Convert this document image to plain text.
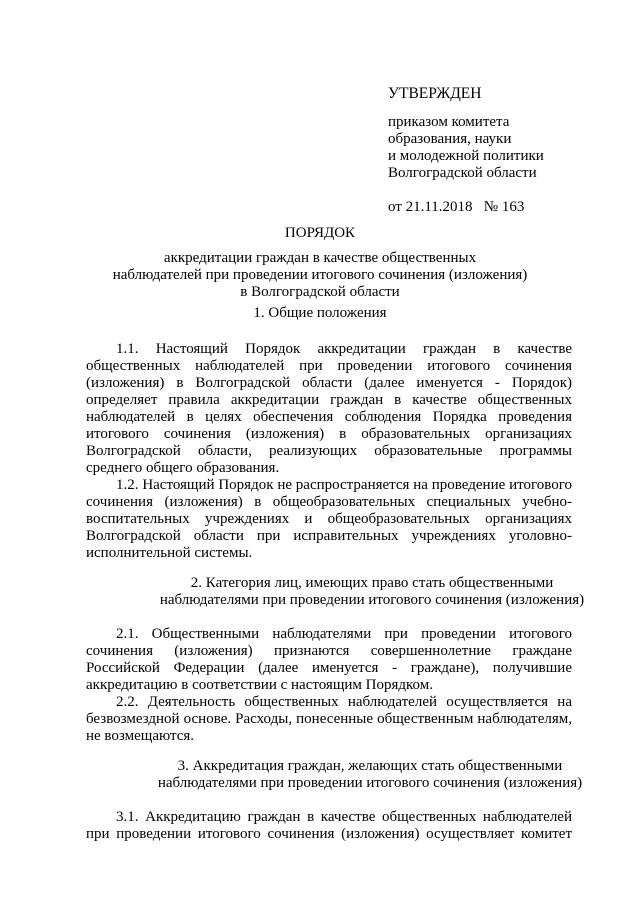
УТВЕРЖДЕН
приказом комитета
образования, науки
и молодежной политики
Волгоградской области
от 21.11.2018   № 163
ПОРЯДОК
аккредитации граждан в качестве общественных
наблюдателей при проведении итогового сочинения (изложения)
в Волгоградской области
1. Общие положения
1.1. Настоящий Порядок аккредитации граждан в качестве общественных наблюдателей при проведении итогового сочинения (изложения) в Волгоградской области (далее именуется - Порядок) определяет правила аккредитации граждан в качестве общественных наблюдателей в целях обеспечения соблюдения Порядка проведения итогового сочинения (изложения) в образовательных организациях Волгоградской области, реализующих образовательные программы среднего общего образования.
1.2. Настоящий Порядок не распространяется на проведение итогового сочинения (изложения) в общеобразовательных специальных учебно-воспитательных учреждениях и общеобразовательных организациях Волгоградской области при исправительных учреждениях уголовно-исполнительной системы.
2. Категория лиц, имеющих право стать общественными
наблюдателями при проведении итогового сочинения (изложения)
2.1. Общественными наблюдателями при проведении итогового сочинения (изложения) признаются совершеннолетние граждане Российской Федерации (далее именуется - граждане), получившие аккредитацию в соответствии с настоящим Порядком.
2.2. Деятельность общественных наблюдателей осуществляется на безвозмездной основе. Расходы, понесенные общественным наблюдателям, не возмещаются.
3. Аккредитация граждан, желающих стать общественными
наблюдателями при проведении итогового сочинения (изложения)
3.1. Аккредитацию граждан в качестве общественных наблюдателей при проведении итогового сочинения (изложения) осуществляет комитет
